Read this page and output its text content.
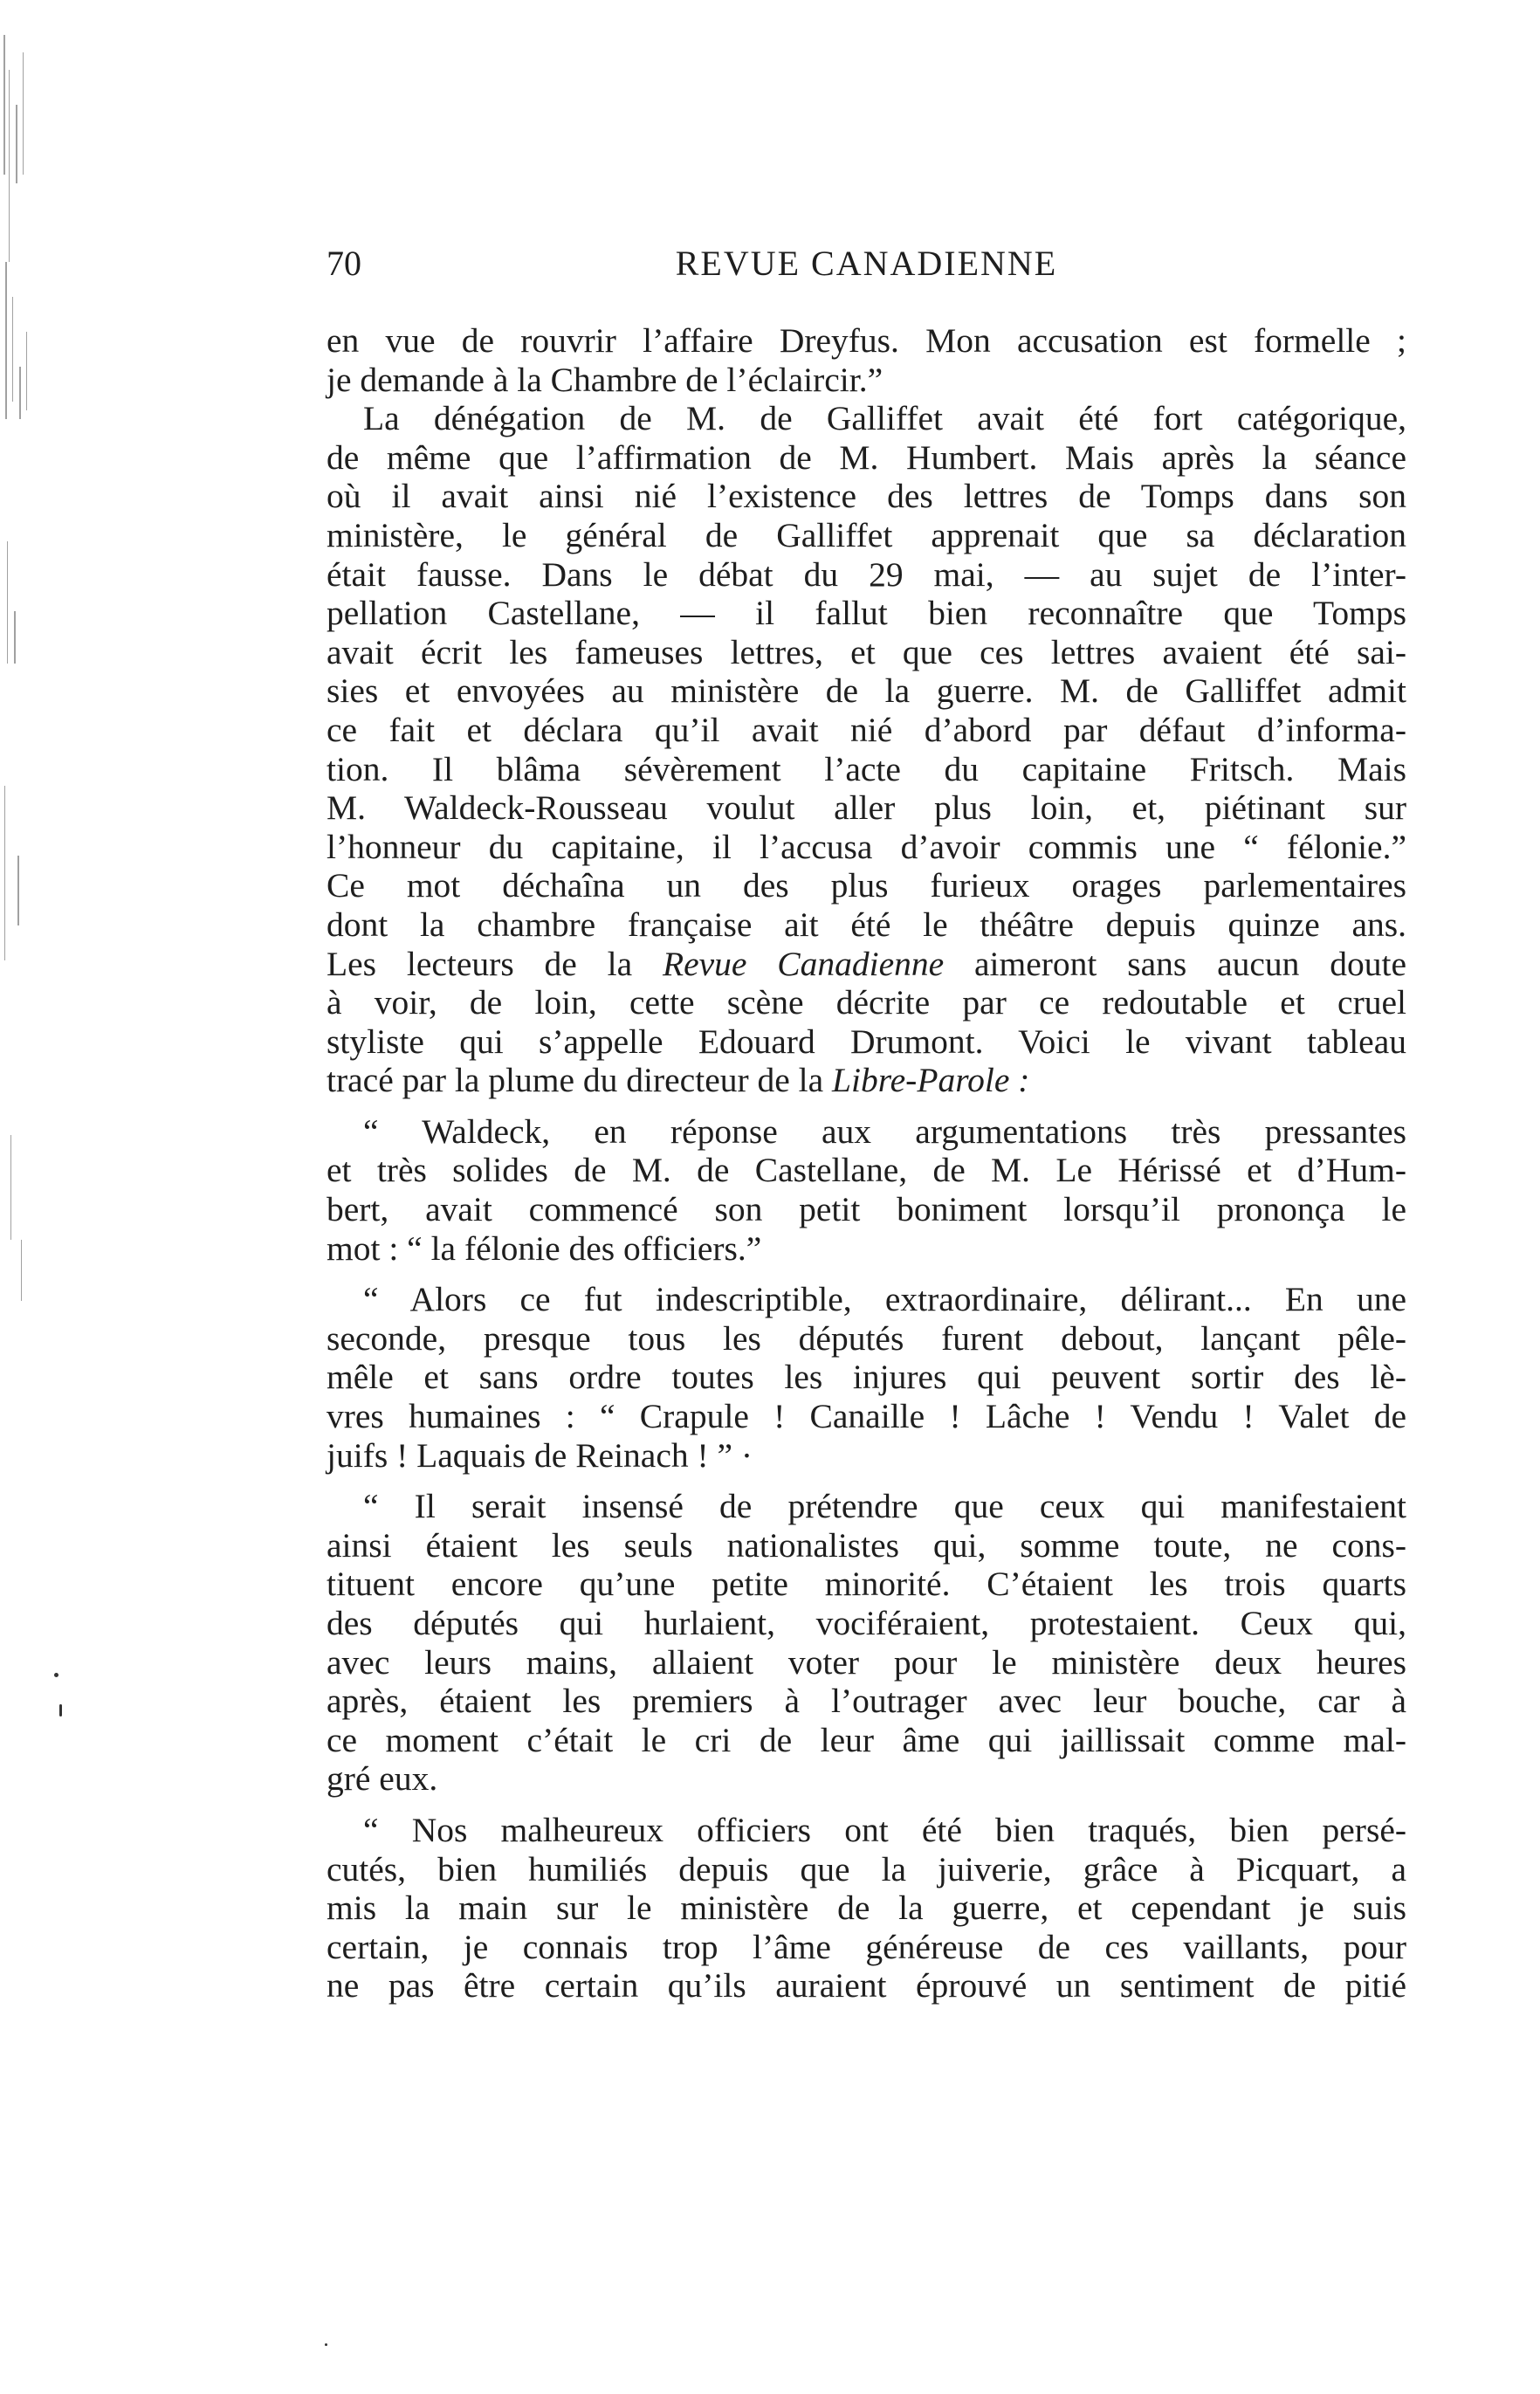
70	REVUE CANADIENNE
en vue de rouvrir l’affaire Dreyfus. Mon accusation est formelle ;
je demande à la Chambre de l’éclaircir.”
La dénégation de M. de Galliffet avait été fort catégorique,
de même que l’affirmation de M. Humbert. Mais après la séance
où il avait ainsi nié l’existence des lettres de Tomps dans son
ministère, le général de Galliffet apprenait que sa déclaration
était fausse. Dans le débat du 29 mai, — au sujet de l’inter-
pellation Castellane, — il fallut bien reconnaître que Tomps
avait écrit les fameuses lettres, et que ces lettres avaient été sai-
sies et envoyées au ministère de la guerre. M. de Galliffet admit
ce fait et déclara qu’il avait nié d’abord par défaut d’informa-
tion. Il blâma sévèrement l’acte du capitaine Fritsch. Mais
M. Waldeck-Rousseau voulut aller plus loin, et, piétinant sur
l’honneur du capitaine, il l’accusa d’avoir commis une “ félonie.”
Ce mot déchaîna un des plus furieux orages parlementaires
dont la chambre française ait été le théâtre depuis quinze ans.
Les lecteurs de la Revue Canadienne aimeront sans aucun doute
à voir, de loin, cette scène décrite par ce redoutable et cruel
styliste qui s’appelle Edouard Drumont. Voici le vivant tableau
tracé par la plume du directeur de la Libre-Parole :
“ Waldeck, en réponse aux argumentations très pressantes
et très solides de M. de Castellane, de M. Le Hérissé et d’Hum-
bert, avait commencé son petit boniment lorsqu’il prononça le
mot : “ la félonie des officiers.”
“ Alors ce fut indescriptible, extraordinaire, délirant... En une
seconde, presque tous les députés furent debout, lançant pêle-
mêle et sans ordre toutes les injures qui peuvent sortir des lè-
vres humaines : “ Crapule ! Canaille ! Lâche ! Vendu ! Valet de
juifs ! Laquais de Reinach ! ” ·
“ Il serait insensé de prétendre que ceux qui manifestaient
ainsi étaient les seuls nationalistes qui, somme toute, ne cons-
tituent encore qu’une petite minorité. C’étaient les trois quarts
des députés qui hurlaient, vociféraient, protestaient. Ceux qui,
avec leurs mains, allaient voter pour le ministère deux heures
après, étaient les premiers à l’outrager avec leur bouche, car à
ce moment c’était le cri de leur âme qui jaillissait comme mal-
gré eux.
“ Nos malheureux officiers ont été bien traqués, bien persé-
cutés, bien humiliés depuis que la juiverie, grâce à Picquart, a
mis la main sur le ministère de la guerre, et cependant je suis
certain, je connais trop l’âme généreuse de ces vaillants, pour
ne pas être certain qu’ils auraient éprouvé un sentiment de pitié
